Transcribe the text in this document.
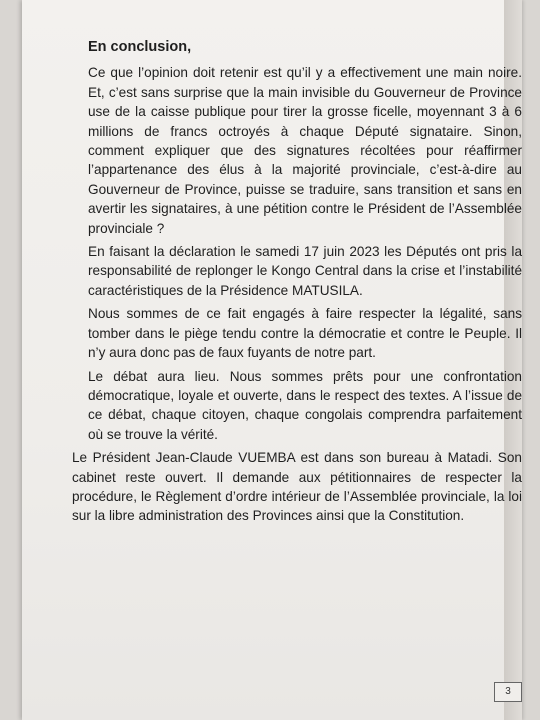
En conclusion,

Ce que l’opinion doit retenir est qu’il y a effectivement une main noire. Et, c’est sans surprise que la main invisible du Gouverneur de Province use de la caisse publique pour tirer la grosse ficelle, moyennant 3 à 6 millions de francs octroyés à chaque Député signataire. Sinon, comment expliquer que des signatures récoltées pour réaffirmer l’appartenance des élus à la majorité provinciale, c’est-à-dire au Gouverneur de Province, puisse se traduire, sans transition et sans en avertir les signataires, à une pétition contre le Président de l’Assemblée provinciale ?

En faisant la déclaration le samedi 17 juin 2023 les Députés ont pris la responsabilité de replonger le Kongo Central dans la crise et l’instabilité caractéristiques de la Présidence MATUSILA.

Nous sommes de ce fait engagés à faire respecter la légalité, sans tomber dans le piège tendu contre la démocratie et contre le Peuple. Il n’y aura donc pas de faux fuyants de notre part.

Le débat aura lieu. Nous sommes prêts pour une confrontation démocratique, loyale et ouverte, dans le respect des textes. A l’issue de ce débat, chaque citoyen, chaque congolais comprendra parfaitement où se trouve la vérité.

Le Président Jean-Claude VUEMBA est dans son bureau à Matadi. Son cabinet reste ouvert. Il demande aux pétitionnaires de respecter la procédure, le Règlement d’ordre intérieur de l’Assemblée provinciale, la loi sur la libre administration des Provinces ainsi que la Constitution.

3
